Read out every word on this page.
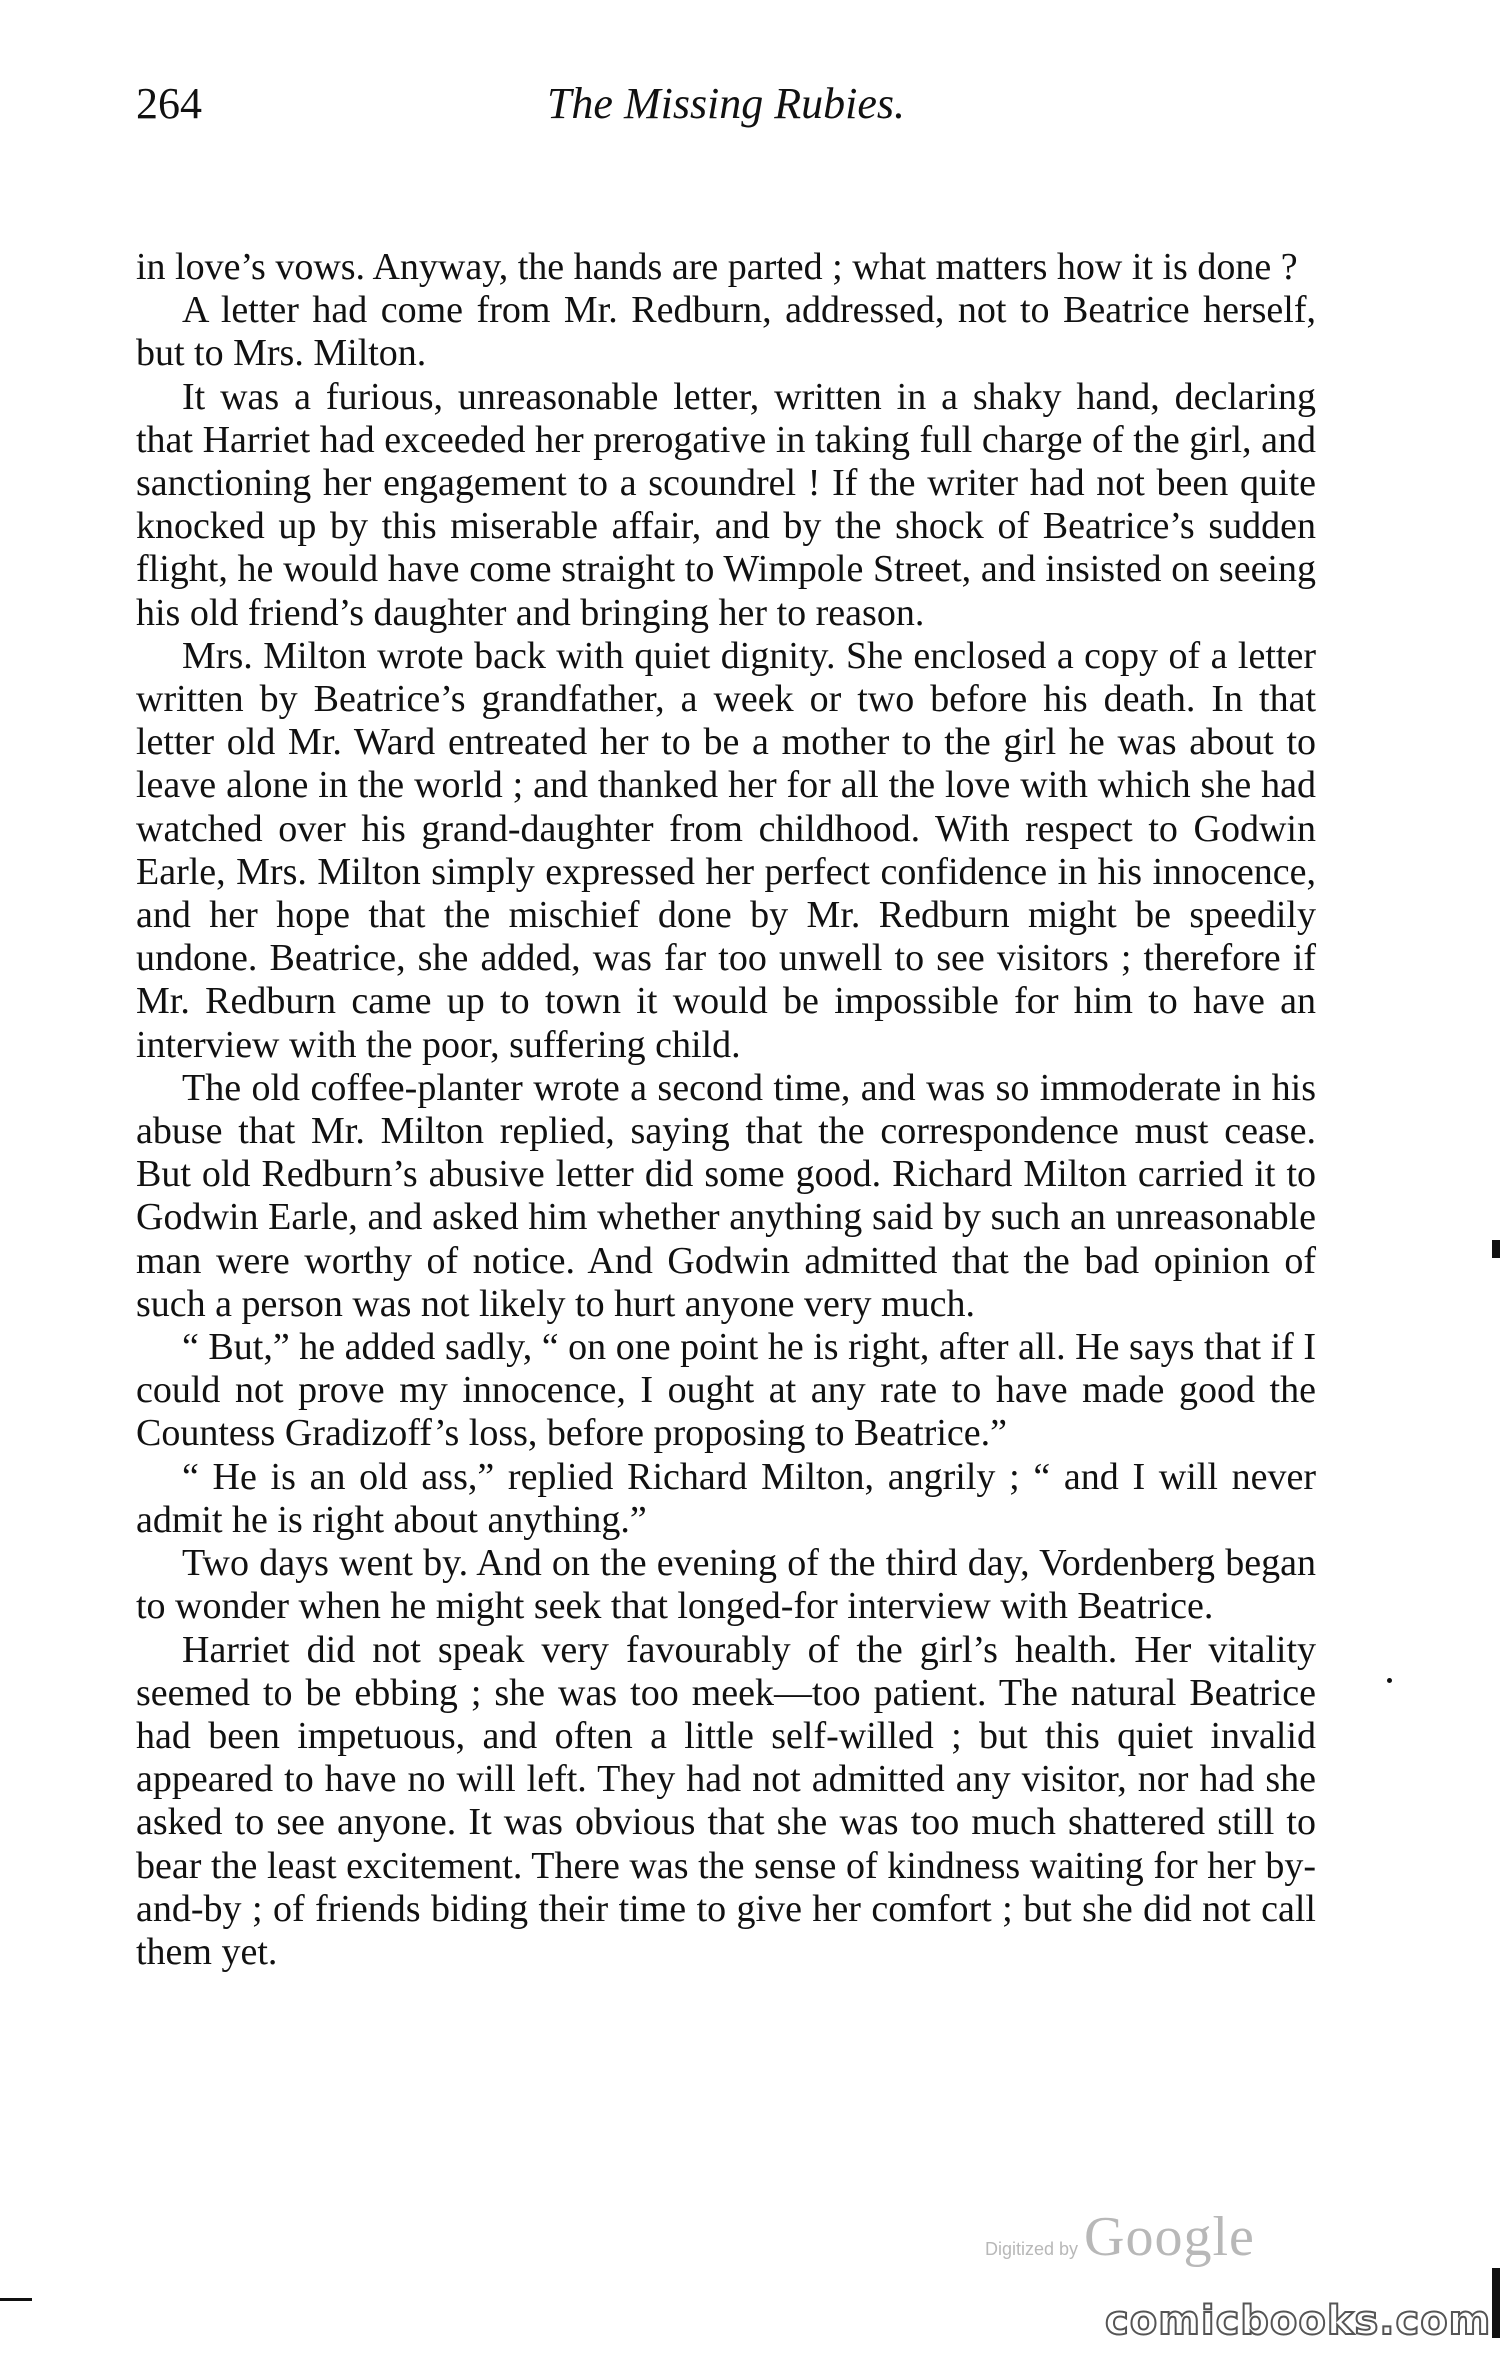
264	The Missing Rubies.

in love’s vows. Anyway, the hands are parted ; what matters how it is done ?

A letter had come from Mr. Redburn, addressed, not to Beatrice herself, but to Mrs. Milton.

It was a furious, unreasonable letter, written in a shaky hand, declaring that Harriet had exceeded her prerogative in taking full charge of the girl, and sanctioning her engagement to a scoundrel ! If the writer had not been quite knocked up by this miserable affair, and by the shock of Beatrice’s sudden flight, he would have come straight to Wimpole Street, and insisted on seeing his old friend’s daughter and bringing her to reason.

Mrs. Milton wrote back with quiet dignity. She enclosed a copy of a letter written by Beatrice’s grandfather, a week or two before his death. In that letter old Mr. Ward entreated her to be a mother to the girl he was about to leave alone in the world ; and thanked her for all the love with which she had watched over his grand-daughter from childhood. With respect to Godwin Earle, Mrs. Milton simply expressed her perfect confidence in his innocence, and her hope that the mischief done by Mr. Redburn might be speedily undone. Beatrice, she added, was far too unwell to see visitors ; therefore if Mr. Redburn came up to town it would be impossible for him to have an interview with the poor, suffering child.

The old coffee-planter wrote a second time, and was so immoderate in his abuse that Mr. Milton replied, saying that the correspondence must cease. But old Redburn’s abusive letter did some good. Richard Milton carried it to Godwin Earle, and asked him whether anything said by such an unreasonable man were worthy of notice. And Godwin admitted that the bad opinion of such a person was not likely to hurt anyone very much.

“ But,” he added sadly, “ on one point he is right, after all. He says that if I could not prove my innocence, I ought at any rate to have made good the Countess Gradizoff’s loss, before proposing to Beatrice.”

“ He is an old ass,” replied Richard Milton, angrily ; “ and I will never admit he is right about anything.”

Two days went by. And on the evening of the third day, Vordenberg began to wonder when he might seek that longed-for interview with Beatrice.

Harriet did not speak very favourably of the girl’s health. Her vitality seemed to be ebbing ; she was too meek—too patient. The natural Beatrice had been impetuous, and often a little self-willed ; but this quiet invalid appeared to have no will left. They had not admitted any visitor, nor had she asked to see anyone. It was obvious that she was too much shattered still to bear the least excitement. There was the sense of kindness waiting for her by-and-by ; of friends biding their time to give her comfort ; but she did not call them yet.

Digitized by Google
comicbooks.com
